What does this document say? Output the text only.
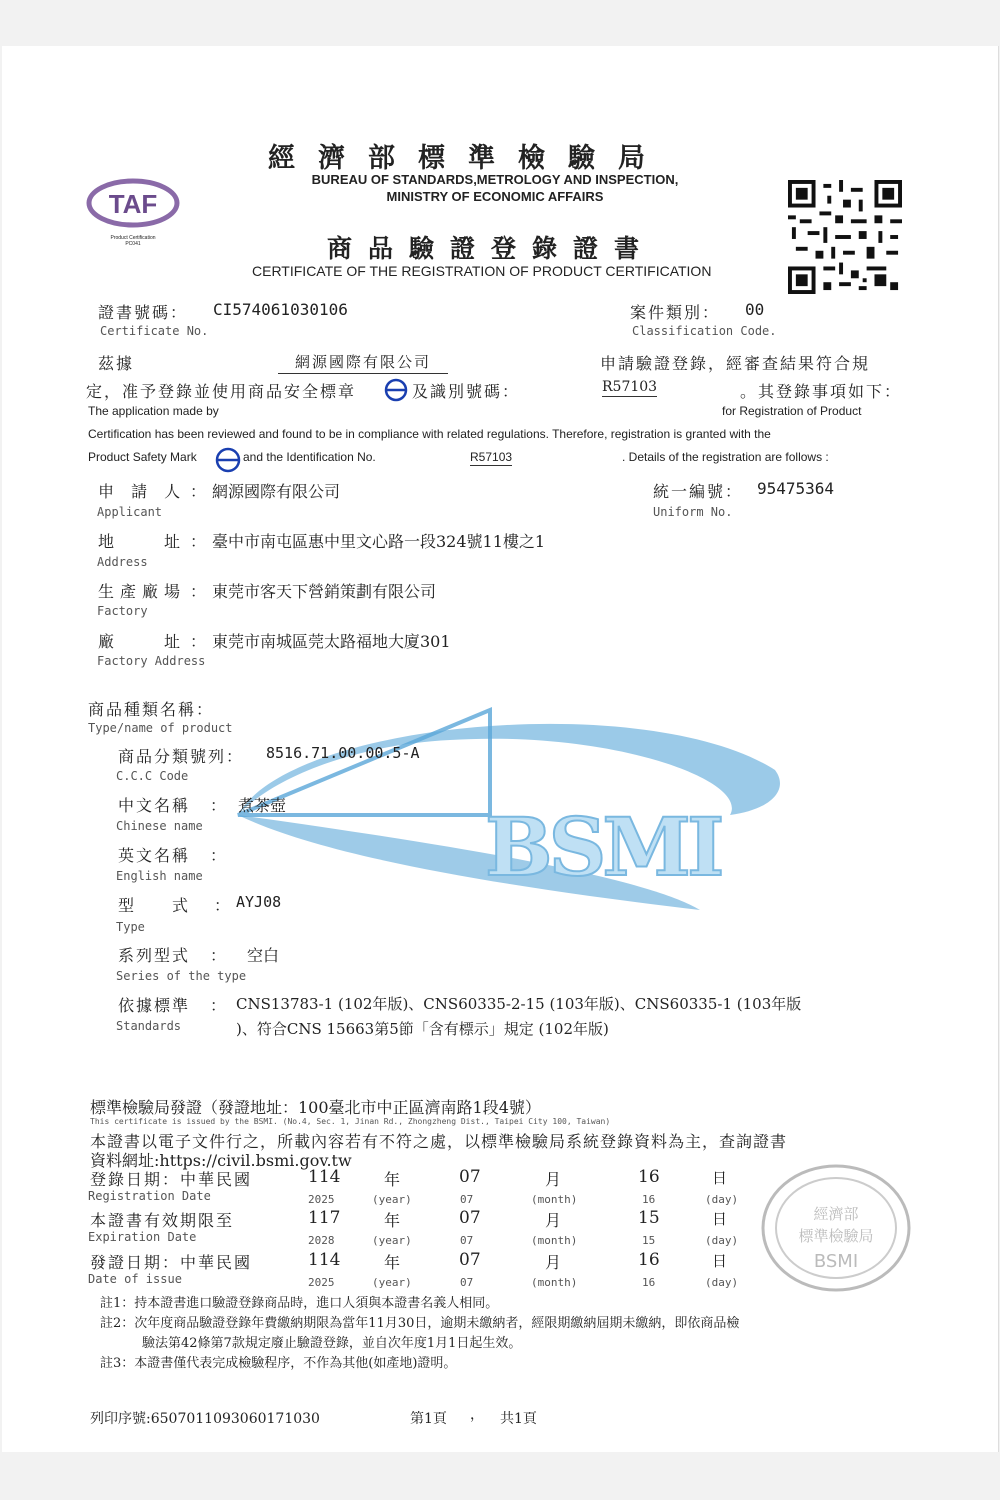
BSMI
經濟部標準檢驗局
BUREAU OF STANDARDS,METROLOGY AND INSPECTION,
MINISTRY OF ECONOMIC AFFAIRS
TAF
Product Certification
PC041	商品驗證登錄證書
CERTIFICATE OF THE REGISTRATION OF PRODUCT CERTIFICATION
證書號碼： CI574061030106
Certificate No.
案件類別： 00
Classification Code.
茲據	網源國際有限公司	申請驗證登錄，經審查結果符合規
定，准予登錄並使用商品安全標章	及識別號碼：	R57103	。其登錄事項如下：
The application made by	for Registration of Product
Certification has been reviewed and found to be in compliance with related regulations. Therefore, registration is granted with the
Product Safety Mark	and the Identification No.	R57103	. Details of the registration are follows :
申 請 人 ： 網源國際有限公司
Applicant
統一編號： 95475364
Uniform No.
地　　址 ： 臺中市南屯區惠中里文心路一段324號11樓之1
Address
生產廠場 ： 東莞市客天下營銷策劃有限公司
Factory
廠　　址 ： 東莞市南城區莞太路福地大廈301
Factory Address
商品種類名稱：
Type/name of product
商品分類號列： 8516.71.00.00.5-A
C.C.C Code
中文名稱 ： 煮茶壺
Chinese name
英文名稱 ：
English name
型　　式 ： AYJ08
Type
系列型式 ： 空白
Series of the type
依據標準 ： CNS13783-1 (102年版)、CNS60335-2-15 (103年版)、CNS60335-1 (103年版
Standards	)、符合CNS 15663第5節「含有標示」規定 (102年版)
標準檢驗局發證（發證地址：100臺北市中正區濟南路1段4號）
This certificate is issued by the BSMI. (No.4, Sec. 1, Jinan Rd., Zhongzheng Dist., Taipei City 100, Taiwan)
本證書以電子文件行之，所載內容若有不符之處，以標準檢驗局系統登錄資料為主，查詢證書
資料網址:https://civil.bsmi.gov.tw
登錄日期：中華民國	114	年	07	月	16	日
Registration Date	2025	(year)	07	(month)	16	(day)
本證書有效期限至	117	年	07	月	15	日
Expiration Date	2028	(year)	07	(month)	15	(day)
發證日期：中華民國	114	年	07	月	16	日
Date of issue	2025	(year)	07	(month)	16	(day)
經濟部
標準檢驗局
BSMI
註1：持本證書進口驗證登錄商品時，進口人須與本證書名義人相同。
註2：次年度商品驗證登錄年費繳納期限為當年11月30日，逾期未繳納者，經限期繳納屆期未繳納，即依商品檢
驗法第42條第7款規定廢止驗證登錄，並自次年度1月1日起生效。
註3：本證書僅代表完成檢驗程序，不作為其他(如產地)證明。
列印序號:6507011093060171030	第1頁 ， 共1頁
